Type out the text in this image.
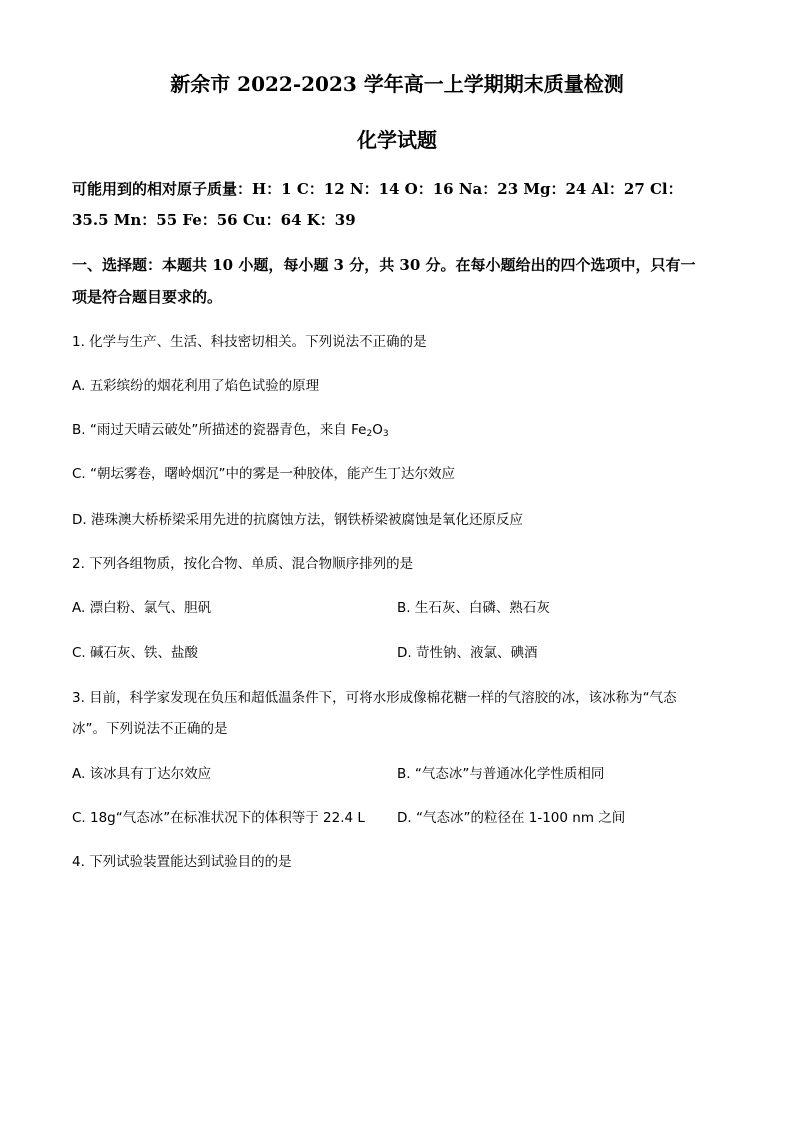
新余市 2022-2023 学年高一上学期期末质量检测
化学试题
可能用到的相对原子质量：H：1 C：12 N：14 O：16 Na：23 Mg：24 Al：27 Cl：
35.5 Mn：55 Fe：56 Cu：64 K：39
一、选择题：本题共 10 小题，每小题 3 分，共 30 分。在每小题给出的四个选项中，只有一
项是符合题目要求的。
1. 化学与生产、生活、科技密切相关。下列说法不正确的是
A. 五彩缤纷的烟花利用了焰色试验的原理
B. “雨过天晴云破处”所描述的瓷器青色，来自 $Fe_2O_3$
C. “朝坛雾卷，曙岭烟沉”中的雾是一种胶体，能产生丁达尔效应
D. 港珠澳大桥桥梁采用先进的抗腐蚀方法，钢铁桥梁被腐蚀是氧化还原反应
2. 下列各组物质，按化合物、单质、混合物顺序排列的是
A. 漂白粉、氯气、胆矾	B. 生石灰、白磷、熟石灰
C. 碱石灰、铁、盐酸	D. 苛性钠、液氯、碘酒
3. 目前，科学家发现在负压和超低温条件下，可将水形成像棉花糖一样的气溶胶的冰，该冰称为“气态
冰”。下列说法不正确的是
A. 该冰具有丁达尔效应	B. “气态冰”与普通冰化学性质相同
C. 18g“气态冰”在标准状况下的体积等于 22.4 L D. “气态冰”的粒径在 1-100 nm 之间
4. 下列试验装置能达到试验目的的是
